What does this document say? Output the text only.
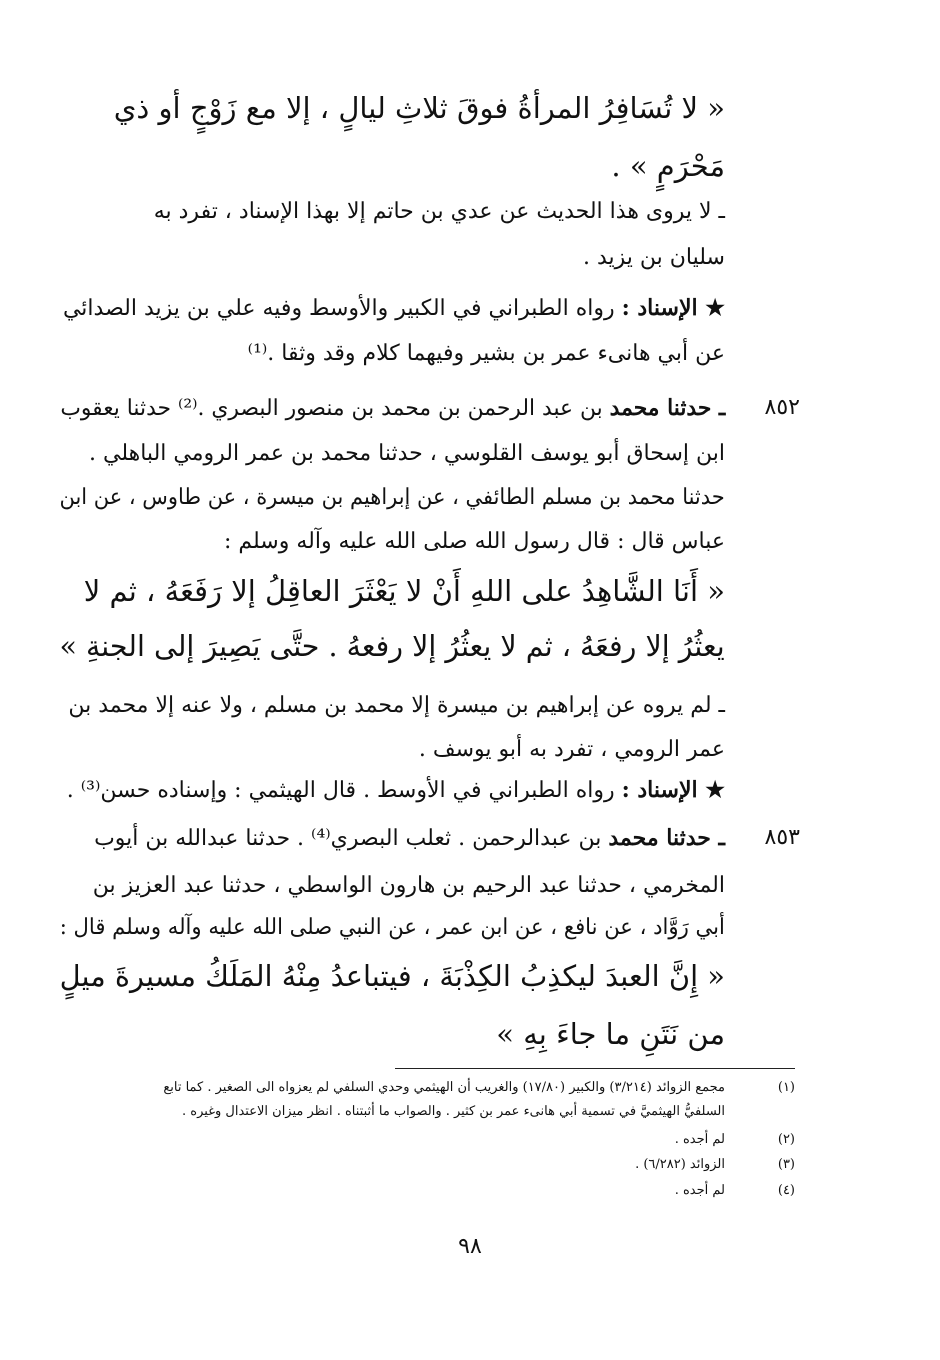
« لا تُسَافِرُ المرأةُ فوقَ ثلاثِ ليالٍ ، إلا مع زَوْجٍ أو ذي
مَحْرَمٍ » .
ـ لا يروى هذا الحديث عن عدي بن حاتم إلا بهذا الإسناد ، تفرد به
سليان بن يزيد .
★ الإسناد : رواه الطبراني في الكبير والأوسط وفيه علي بن يزيد الصدائي
عن أبي هانىء عمر بن بشير وفيهما كلام وقد وثقا .⁽¹⁾
٨٥٢
ـ حدثنا محمد بن عبد الرحمن بن محمد بن منصور البصري .⁽²⁾ حدثنا يعقوب
ابن إسحاق أبو يوسف القلوسي ، حدثنا محمد بن عمر الرومي الباهلي .
حدثنا محمد بن مسلم الطائفي ، عن إبراهيم بن ميسرة ، عن طاوس ، عن ابن
عباس قال : قال رسول الله صلى الله عليه وآله وسلم :
« أَنَا الشَّاهِدُ على اللهِ أَنْ لا يَعْثَرَ العاقِلُ إلا رَفَعَهُ ، ثم لا
يعثُرُ إلا رفعَهُ ، ثم لا يعثُرُ إلا رفعهُ . حتَّى يَصِيرَ إلى الجنةِ »
ـ لم يروه عن إبراهيم بن ميسرة إلا محمد بن مسلم ، ولا عنه إلا محمد بن
عمر الرومي ، تفرد به أبو يوسف .
★ الإسناد : رواه الطبراني في الأوسط . قال الهيثمي : وإسناده حسن⁽³⁾ .
٨٥٣
ـ حدثنا محمد بن عبدالرحمن . ثعلب البصري⁽⁴⁾ . حدثنا عبدالله بن أيوب
المخرمي ، حدثنا عبد الرحيم بن هارون الواسطي ، حدثنا عبد العزيز بن
أبي رَوَّاد ، عن نافع ، عن ابن عمر ، عن النبي صلى الله عليه وآله وسلم قال :
« إِنَّ العبدَ ليكذِبُ الكِذْبَةَ ، فيتباعدُ مِنْهُ المَلَكُ مسيرةَ ميلٍ
من نَتَنِ ما جاءَ بِهِ »
(١)
مجمع الزوائد (٣/٢١٤) والكبير (١٧/٨٠) والغريب أن الهيثمي وحدي السلفي لم يعزواه الى الصغير . كما تابع
السلفيُّ الهيثميَّ في تسمية أبي هانىء عمر بن كثير . والصواب ما أثبتناه . انظر ميزان الاعتدال وغيره .
(٢)
لم أجده .
(٣)
الزوائد (٦/٢٨٢) .
(٤)
لم أجده .
٩٨
